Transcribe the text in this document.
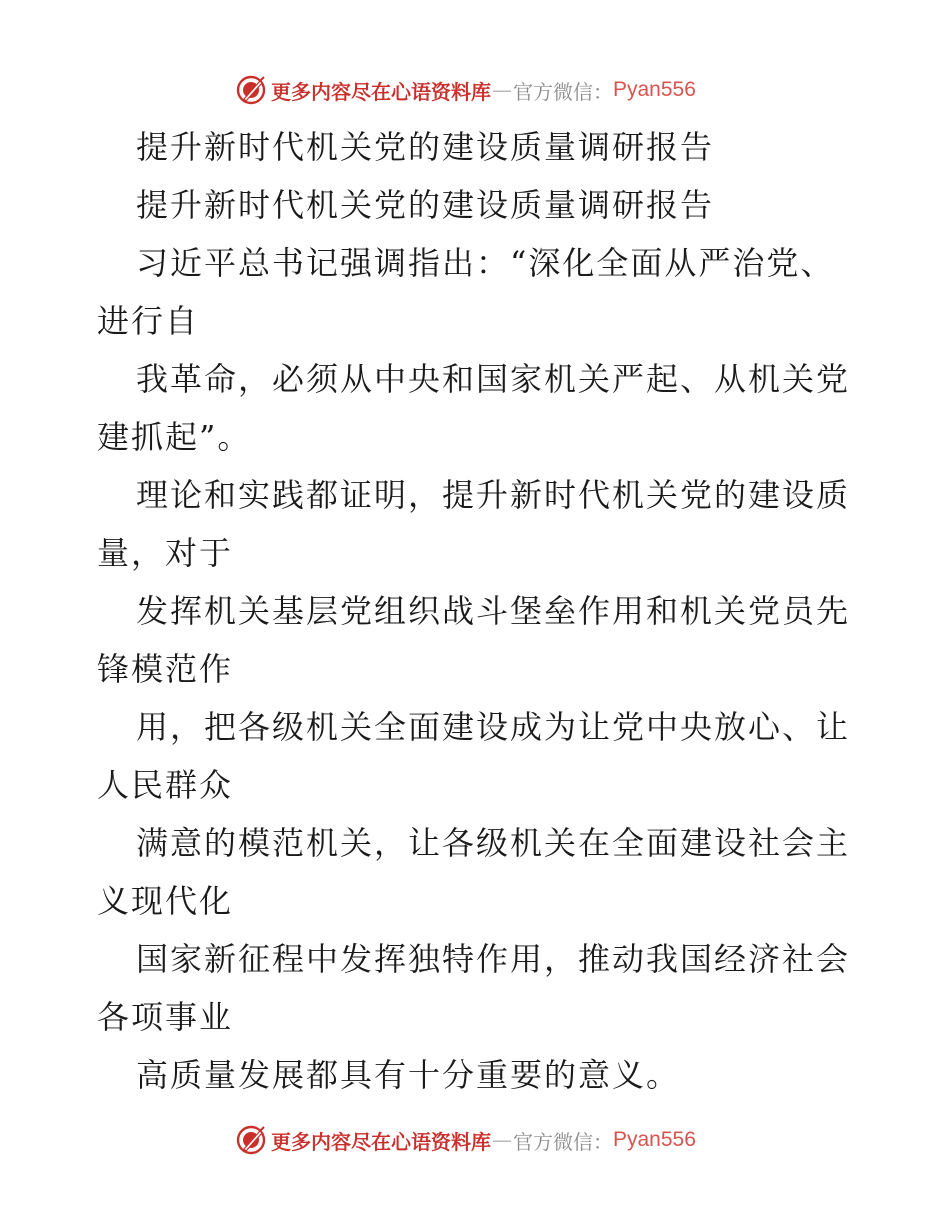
更多内容尽在心语资料库 — 官方微信： Pyan556
提升新时代机关党的建设质量调研报告
提升新时代机关党的建设质量调研报告
习近平总书记强调指出：“深化全面从严治党、
进行自
我革命，必须从中央和国家机关严起、从机关党
建抓起”。
理论和实践都证明，提升新时代机关党的建设质
量，对于
发挥机关基层党组织战斗堡垒作用和机关党员先
锋模范作
用，把各级机关全面建设成为让党中央放心、让
人民群众
满意的模范机关，让各级机关在全面建设社会主
义现代化
国家新征程中发挥独特作用，推动我国经济社会
各项事业
高质量发展都具有十分重要的意义。
更多内容尽在心语资料库 — 官方微信： Pyan556
